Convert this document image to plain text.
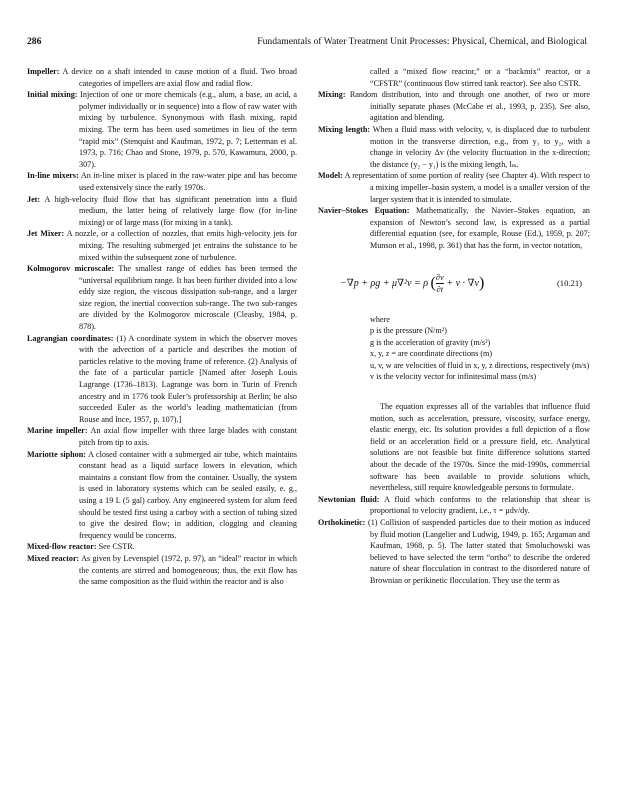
286	Fundamentals of Water Treatment Unit Processes: Physical, Chemical, and Biological

Impeller: A device on a shaft intended to cause motion of a fluid. Two broad categories of impellers are axial flow and radial flow.

Initial mixing: Injection of one or more chemicals (e.g., alum, a base, an acid, a polymer individually or in sequence) into a flow of raw water with mixing by turbulence. Synonymous with flash mixing, rapid mixing. The term has been used sometimes in lieu of the term “rapid mix” (Stenquist and Kaufman, 1972, p. 7; Letterman et al. 1973, p. 716; Chao and Stone, 1979, p. 570, Kawamura, 2000, p. 307).

In-line mixers: An in-line mixer is placed in the raw-water pipe and has become used extensively since the early 1970s.

Jet: A high-velocity fluid flow that has significant penetration into a fluid medium, the latter being of relatively large flow (for in-line mixing) or of large mass (for mixing in a tank).

Jet Mixer: A nozzle, or a collection of nozzles, that emits high-velocity jets for mixing. The resulting submerged jet entrains the substance to be mixed within the subsequent zone of turbulence.

Kolmogorov microscale: The smallest range of eddies has been termed the “universal equilibrium range. It has been further divided into a low eddy size region, the viscous dissipation sub-range, and a larger size region, the inertial convection sub-range. The two sub-ranges are divided by the Kolmogorov microscale (Cleasby, 1984, p. 878).

Lagrangian coordinates: (1) A coordinate system in which the observer moves with the advection of a particle and describes the motion of particles relative to the moving frame of reference. (2) Analysis of the fate of a particular particle [Named after Joseph Louis Lagrange (1736–1813). Lagrange was born in Turin of French ancestry and in 1776 took Euler’s professorship at Berlin; he also succeeded Euler as the world’s leading mathematician (from Rouse and Ince, 1957, p. 107).]

Marine impeller: An axial flow impeller with three large blades with constant pitch from tip to axis.

Mariotte siphon: A closed container with a submerged air tube, which maintains constant head as a liquid surface lowers in elevation, which maintains a constant flow from the container. Usually, the system is used in laboratory systems which can be sealed easily, e. g., using a 19 L (5 gal) carboy. Any engineered system for alum feed should be tested first using a carboy with a section of tubing sized to give the desired flow; in addition, clogging and cleaning frequency would be concerns.

Mixed-flow reactor: See CSTR.

Mixed reactor: As given by Levenspiel (1972, p. 97), an “ideal” reactor in which the contents are stirred and homogeneous; thus, the exit flow has the same composition as the fluid within the reactor and is also

called a “mixed flow reactor,” or a “backmix” reactor, or a “CFSTR” (continuous flow stirred tank reactor). See also CSTR.

Mixing: Random distribution, into and through one another, of two or more initially separate phases (McCabe et al., 1993, p. 235). See also, agitation and blending.

Mixing length: When a fluid mass with velocity, v, is displaced due to turbulent motion in the transverse direction, e.g., from y₁ to y₂, with a change in velocity Δv (the velocity fluctuation in the x-direction; the distance (y₂ − y₁) is the mixing length, lₘ.

Model: A representation of some portion of reality (see Chapter 4). With respect to a mixing impeller–basin system, a model is a smaller version of the larger system that it is intended to simulate.

Navier–Stokes Equation: Mathematically, the Navier–Stokes equation, an expansion of Newton’s second law, is expressed as a partial differential equation (see, for example, Rouse (Ed.), 1959, p. 207; Munson et al., 1998, p. 361) that has the form, in vector notation,

−∇p + ρg + μ∇²v = ρ ( $\frac{\partial v}{\partial t} + v \cdot \nabla v$)	(10.21)

where

p is the pressure (N/m²)
g is the acceleration of gravity (m/s²)
x, y, z = are coordinate directions (m)
u, v, w are velocities of fluid in x, y, z directions, respectively (m/s)
v is the velocity vector for infinitesimal mass (m/s)

The equation expresses all of the variables that influence fluid motion, such as acceleration, pressure, viscosity, surface energy, elastic energy, etc. Its solution provides a full depiction of a flow field or an acceleration field or a pressure field, etc. Analytical solutions are not feasible but finite difference solutions started about the decade of the 1970s. Since the mid-1990s, commercial software has been available to provide solutions which, nevertheless, still require knowledgeable persons to formulate.

Newtonian fluid: A fluid which conforms to the relationship that shear is proportional to velocity gradient, i.e., τ = μdv/dy.

Orthokinetic: (1) Collision of suspended particles due to their motion as induced by fluid motion (Langelier and Ludwig, 1949, p. 165; Argaman and Kaufman, 1968, p. 5). The latter stated that Smoluchowski was believed to have selected the term “ortho” to describe the ordered nature of shear flocculation in contrast to the disordered nature of Brownian or perikinetic flocculation. They use the term as
